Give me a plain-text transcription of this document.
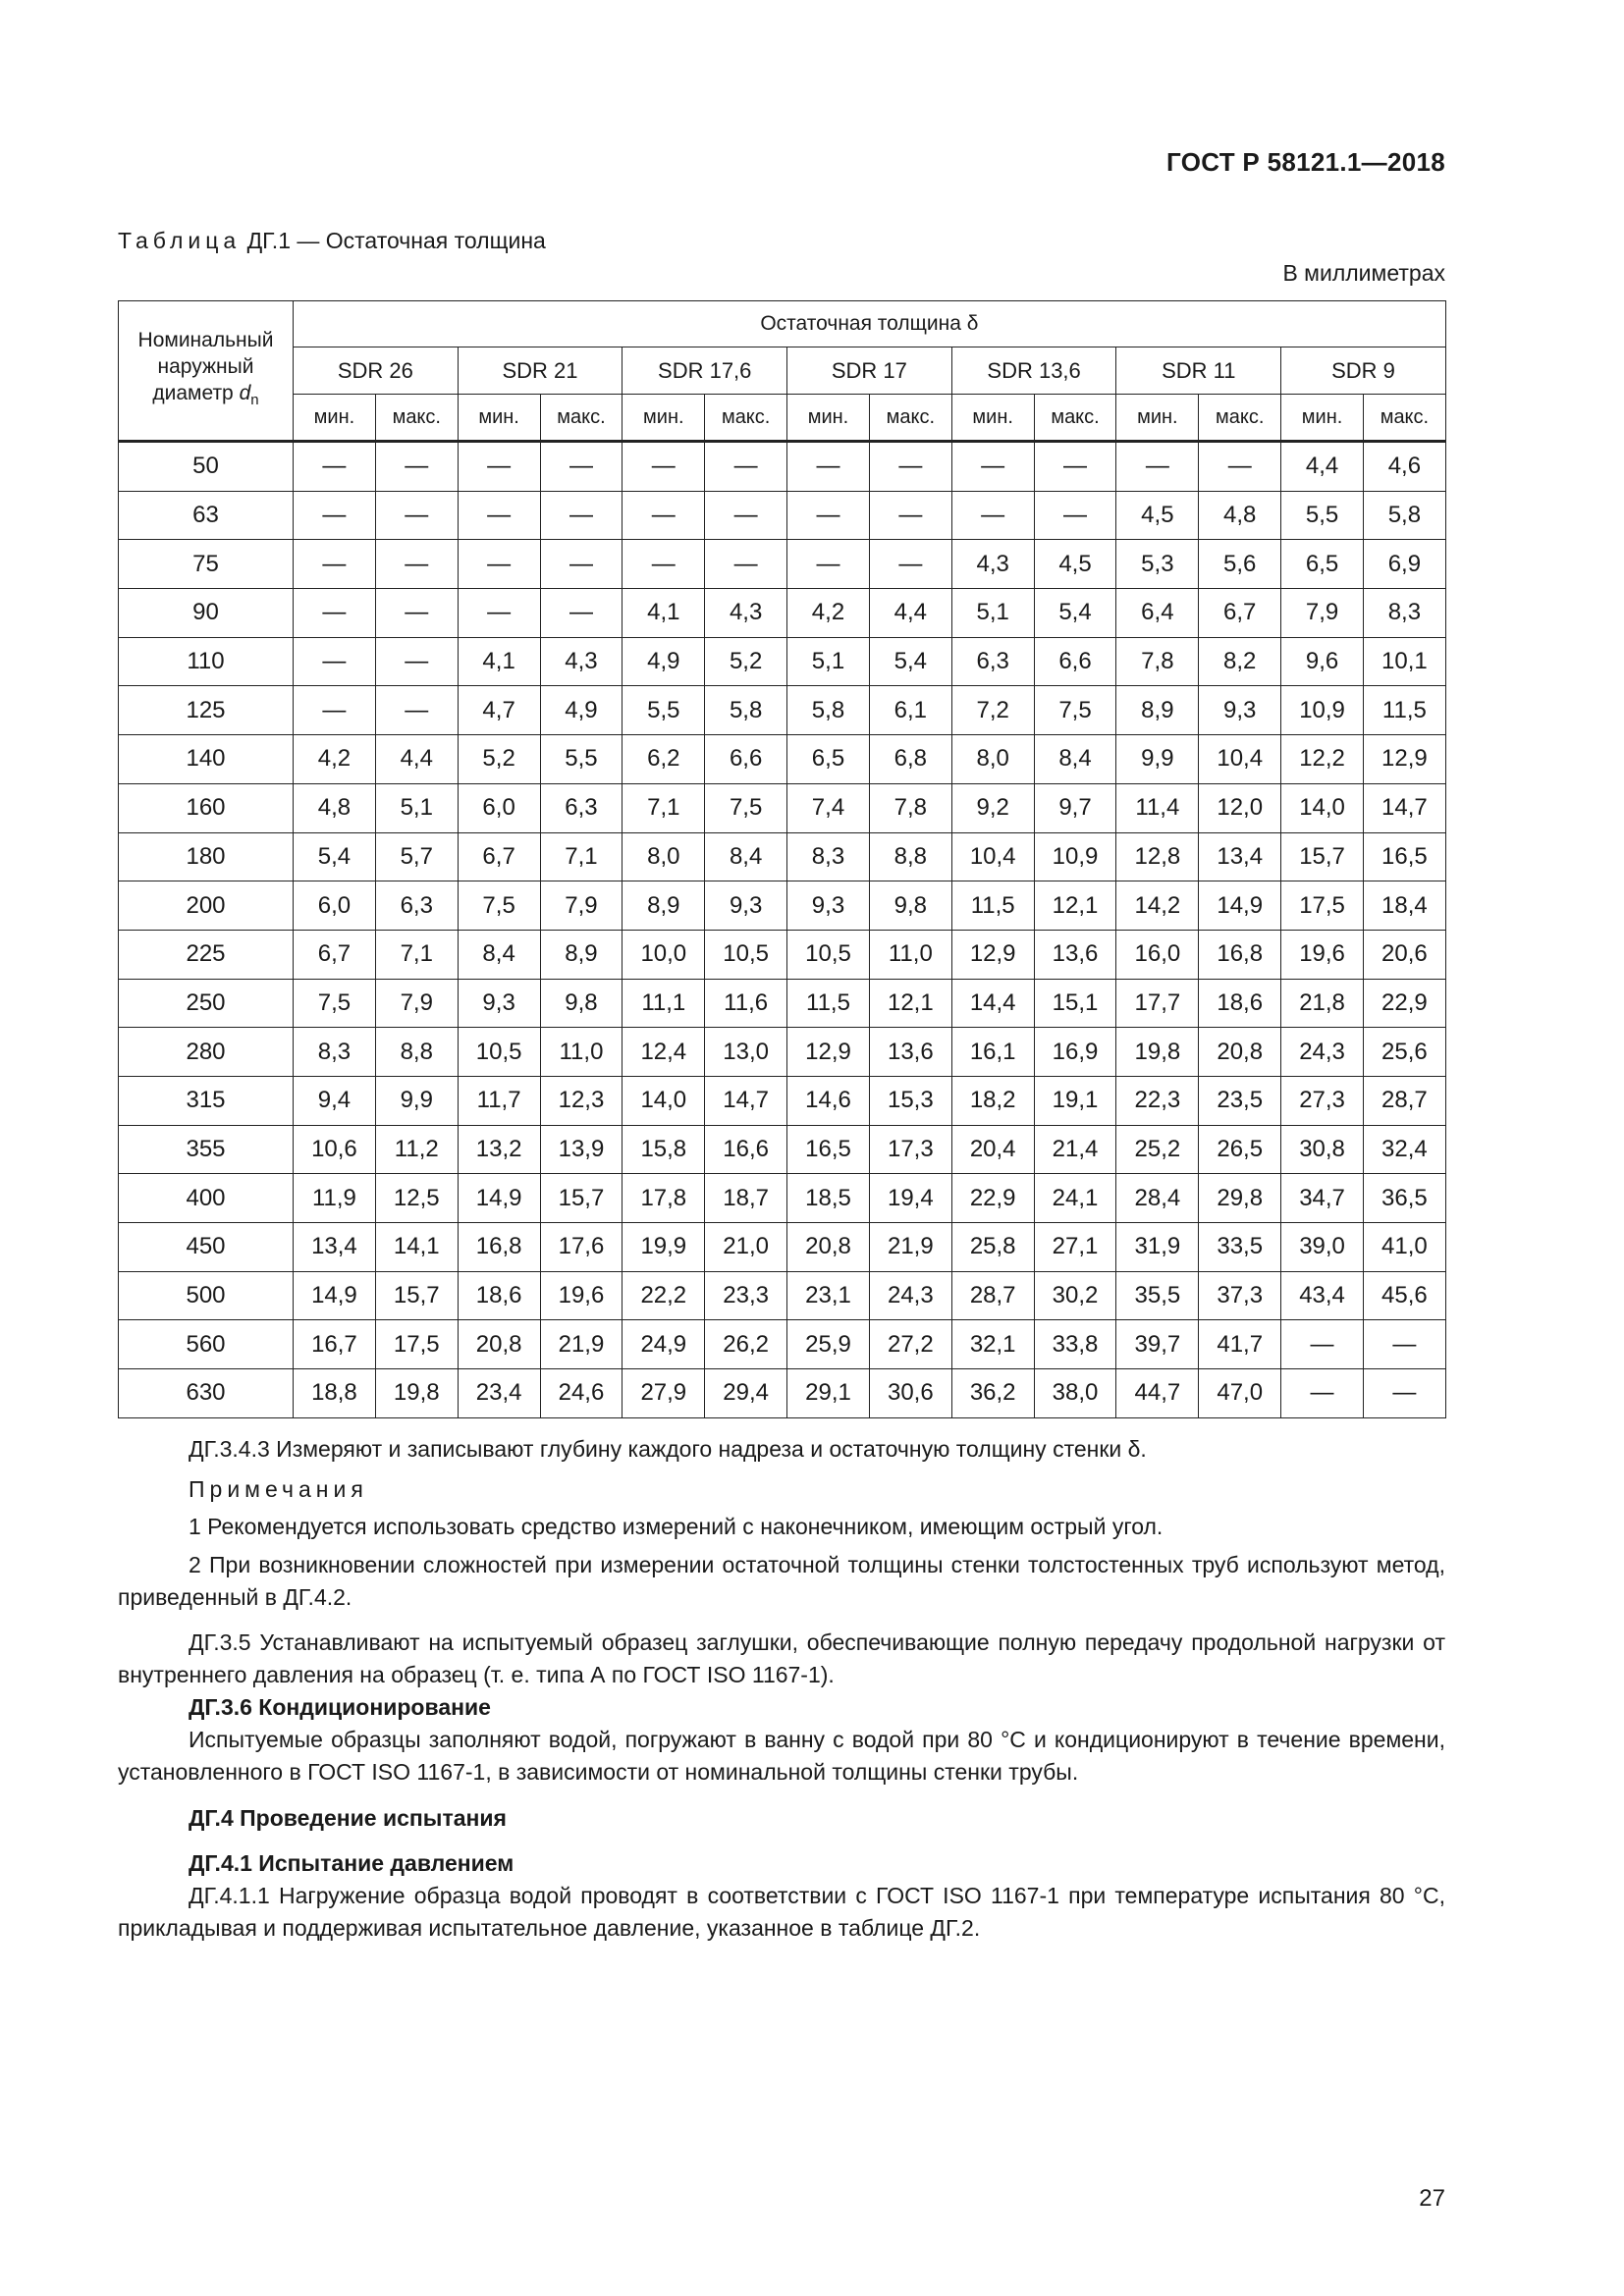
ГОСТ Р 58121.1—2018
Таблица ДГ.1 — Остаточная толщина
В миллиметрах
Номинальный наружный диаметр $d_n$	Остаточная толщина δ													
	SDR 26		SDR 21		SDR 17,6		SDR 17		SDR 13,6		SDR 11		SDR 9	
	мин.	макс.	мин.	макс.	мин.	макс.	мин.	макс.	мин.	макс.	мин.	макс.	мин.	макс.
50	—	—	—	—	—	—	—	—	—	—	—	—	4,4	4,6
63	—	—	—	—	—	—	—	—	—	—	4,5	4,8	5,5	5,8
75	—	—	—	—	—	—	—	—	4,3	4,5	5,3	5,6	6,5	6,9
90	—	—	—	—	4,1	4,3	4,2	4,4	5,1	5,4	6,4	6,7	7,9	8,3
110	—	—	4,1	4,3	4,9	5,2	5,1	5,4	6,3	6,6	7,8	8,2	9,6	10,1
125	—	—	4,7	4,9	5,5	5,8	5,8	6,1	7,2	7,5	8,9	9,3	10,9	11,5
140	4,2	4,4	5,2	5,5	6,2	6,6	6,5	6,8	8,0	8,4	9,9	10,4	12,2	12,9
160	4,8	5,1	6,0	6,3	7,1	7,5	7,4	7,8	9,2	9,7	11,4	12,0	14,0	14,7
180	5,4	5,7	6,7	7,1	8,0	8,4	8,3	8,8	10,4	10,9	12,8	13,4	15,7	16,5
200	6,0	6,3	7,5	7,9	8,9	9,3	9,3	9,8	11,5	12,1	14,2	14,9	17,5	18,4
225	6,7	7,1	8,4	8,9	10,0	10,5	10,5	11,0	12,9	13,6	16,0	16,8	19,6	20,6
250	7,5	7,9	9,3	9,8	11,1	11,6	11,5	12,1	14,4	15,1	17,7	18,6	21,8	22,9
280	8,3	8,8	10,5	11,0	12,4	13,0	12,9	13,6	16,1	16,9	19,8	20,8	24,3	25,6
315	9,4	9,9	11,7	12,3	14,0	14,7	14,6	15,3	18,2	19,1	22,3	23,5	27,3	28,7
355	10,6	11,2	13,2	13,9	15,8	16,6	16,5	17,3	20,4	21,4	25,2	26,5	30,8	32,4
400	11,9	12,5	14,9	15,7	17,8	18,7	18,5	19,4	22,9	24,1	28,4	29,8	34,7	36,5
450	13,4	14,1	16,8	17,6	19,9	21,0	20,8	21,9	25,8	27,1	31,9	33,5	39,0	41,0
500	14,9	15,7	18,6	19,6	22,2	23,3	23,1	24,3	28,7	30,2	35,5	37,3	43,4	45,6
560	16,7	17,5	20,8	21,9	24,9	26,2	25,9	27,2	32,1	33,8	39,7	41,7	—	—
630	18,8	19,8	23,4	24,6	27,9	29,4	29,1	30,6	36,2	38,0	44,7	47,0	—	—

ДГ.3.4.3 Измеряют и записывают глубину каждого надреза и остаточную толщину стенки δ.

Примечания

1 Рекомендуется использовать средство измерений с наконечником, имеющим острый угол.

2 При возникновении сложностей при измерении остаточной толщины стенки толстостенных труб используют метод, приведенный в ДГ.4.2.

ДГ.3.5 Устанавливают на испытуемый образец заглушки, обеспечивающие полную передачу продольной нагрузки от внутреннего давления на образец (т. е. типа А по ГОСТ ISO 1167-1).

ДГ.3.6 Кондиционирование

Испытуемые образцы заполняют водой, погружают в ванну с водой при 80 °С и кондиционируют в течение времени, установленного в ГОСТ ISO 1167-1, в зависимости от номинальной толщины стенки трубы.

ДГ.4 Проведение испытания

ДГ.4.1 Испытание давлением

ДГ.4.1.1 Нагружение образца водой проводят в соответствии с ГОСТ ISO 1167-1 при температуре испытания 80 °С, прикладывая и поддерживая испытательное давление, указанное в таблице ДГ.2.

27
